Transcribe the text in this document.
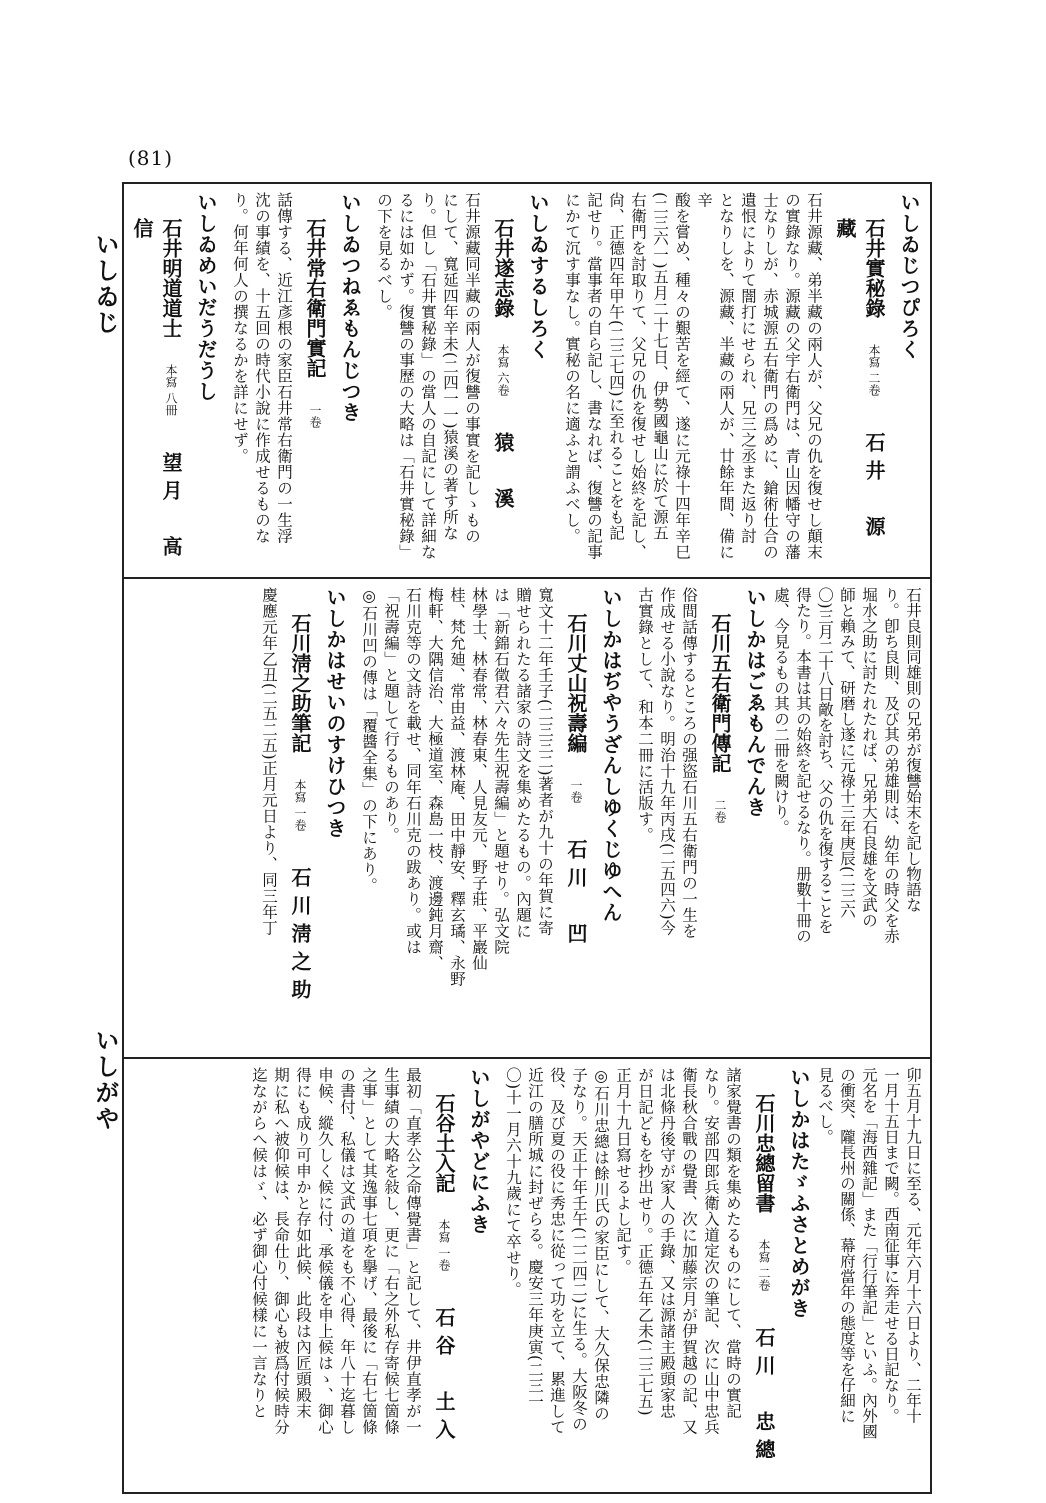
(81)
いしゐじ
いしがや
いしゐじつぴろく
石井實秘錄　本寫 二卷　石井　源藏
石井源藏、弟半藏の兩人が、父兄の仇を復せし顛末
の實錄なり。源藏の父宇右衛門は、青山因幡守の藩
士なりしが、赤城源五右衛門の爲めに、鎗術仕合の
遺恨によりて闇打にせられ、兄三之丞また返り討
となりしを、源藏、半藏の兩人が、廿餘年間、備に辛
酸を嘗め、種々の艱苦を經て、遂に元祿十四年辛巳
(二三六一)五月二十七日、伊勢國龜山に於て源五
右衛門を討取りて、父兄の仇を復せし始終を記し、
尙、正德四年甲午(二三七四)に至れることをも記
記せり。當事者の自ら記し、書なれば、復讐の記事
にかて沉す事なし。實秘の名に適ふと謂ふべし。
いしゐするしろく
石井遂志錄　本寫 六卷　猿　溪
石井源藏同半藏の兩人が復讐の事實を記しゝもの
にして、寬延四年辛未(二四一一)猿溪の著す所な
り。但し「石井實秘錄」の當人の自記にして詳細な
るには如かず。復讐の事歷の大略は「石井實秘錄」
の下を見るべし。
いしゐつねゑもんじつき
石井常右衛門實記　一卷　
話傳する、近江彥根の家臣石井常右衛門の一生浮
沈の事績を、十五回の時代小說に作成せるものな
り。何年何人の撰なるかを詳にせず。
いしゐめいだうだうし
石井明道道士　本寫 八冊　望月　高信
石井良則同雄則の兄弟が復讐始末を記し物語な
り。卽ち良則、及び其の弟雄則は、幼年の時父を赤
堀水之助に討たれたれば、兄弟大石良雄を文武の
師と賴みて、研磨し遂に元祿十三年庚辰(二三六
〇)三月二十八日敵を討ち、父の仇を復することを
得たり。本書は其の始終を記せるなり。册數十冊の
處、今見るもの其の二冊を闕けり。
いしかはごゑもんでんき
石川五右衛門傳記　二卷　
俗間話傳するところの强盜石川五右衛門の一生を
作成せる小說なり。明治十九年丙戌(二五四六)今
古實錄として、和本二冊に活版す。
いしかはぢやうざんしゆくじゆへん
石川丈山祝壽編　一卷　石川　凹
寬文十二年壬子(二三三二)著者が九十の年賀に寄
贈せられたる諸家の詩文を集めたるもの。內題に
は「新錦石徵君六々先生祝壽編」と題せり。弘文院
林學士、林春常、林春東、人見友元、野子莊、平巖仙
桂、梵允廸、常由益、渡林庵、田中靜安、釋玄璚、永野
梅軒、大隅信治、大極道室、森島一枝、渡邊鈍月齋、
石川克等の文詩を載せ、同年石川克の跋あり。或は
「祝壽編」と題して行るものあり。
◎石川凹の傳は「覆醬全集」の下にあり。
いしかはせいのすけひつき
石川淸之助筆記　本寫 一卷　石川淸之助
慶應元年乙丑(二五二五)正月元日より、同三年丁
卯五月十九日に至る、元年六月十六日より、二年十
一月十五日まで闕。西南征事に奔走せる日記なり。
元名を「海西雜記」また「行行筆記」といふ。內外國
の衝突、隴長州の關係、幕府當年の態度等を仔細に
見るべし。
いしかはたゞふさとめがき
石川忠總留書　本寫 二卷　石川　忠總
諸家覺書の類を集めたるものにして、當時の實記
なり。安部四郎兵衛入道定次の筆記、次に山中忠兵
衛長秋合戰の覺書、次に加藤宗月が伊賀越の記、又
は北條丹後守が家人の手錄、又は源諸主殿頭家忠
が日記どもを抄出せり。正德五年乙未(二三七五)
正月十九日寫せるよし記す。
◎石川忠總は餘川氏の家臣にして、大久保忠隣の
子なり。天正十年壬午(二二四二)に生る。大阪冬の
役、及び夏の役に秀忠に從って功を立て、累進して
近江の膳所城に封ぜらる。慶安三年庚寅(二三一
〇)十一月六十九歲にて卒せり。
いしがやどにふき
石谷土入記　本寫 一卷　石谷　土入
最初「直孝公之命傳覺書」と記して、井伊直孝が一
生事績の大略を敍し、更に「右之外私存寄候七箇條
之事」として其逸事七項を擧げ、最後に「右七箇條
の書付、私儀は文武の道をも不心得、年八十迄暮し
申候、縱久しく候に付、承候儀を申上候はゝ、御心
得にも成り可申かと存如此候、此段は內匠頭殿末
期に私へ被仰候は、長命仕り、御心も被爲付候時分
迄ながらへ候はゞ、必ず御心付候樣に一言なりと
